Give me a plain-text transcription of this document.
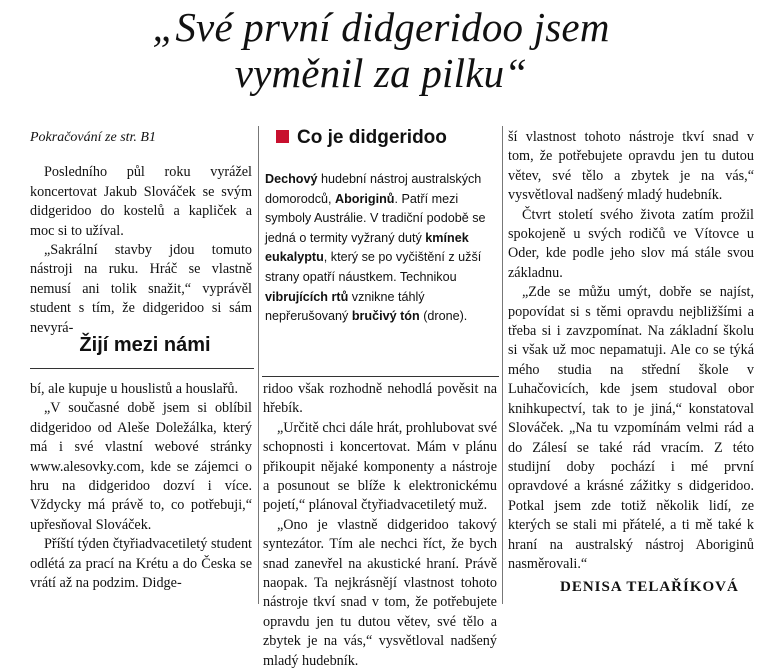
„Své první didgeridoo jsem
vyměnil za pilku“

Pokračování ze str. B1

Posledního půl roku vyrážel koncertovat Jakub Slováček se svým didgeridoo do kostelů a kapliček a moc si to užíval.

„Sakrální stavby jdou tomuto nástroji na ruku. Hráč se vlastně nemusí ani tolik snažit,“ vyprávěl student s tím, že didgeridoo si sám nevyrá-

Žijí mezi námi

bí, ale kupuje u houslistů a houslařů.

„V současné době jsem si oblíbil didgeridoo od Aleše Doležálka, který má i své vlastní webové stránky www.alesovky.com, kde se zájemci o hru na didgeridoo dozví i více. Vždycky má právě to, co potřebuji,“ upřesňoval Slováček.

Příští týden čtyřiadvacetiletý student odlétá za prací na Krétu a do Česka se vrátí až na podzim. Didge-

Co je didgeridoo
Dechový hudební nástroj australských domorodců, Aboriginů. Patří mezi symboly Austrálie. V tradiční podobě se jedná o termity vyžraný dutý kmínek eukalyptu, který se po vyčištění z užší strany opatří náustkem. Technikou vibrujících rtů vznikne táhlý nepřerušovaný bručivý tón (drone).

ridoo však rozhodně nehodlá pověsit na hřebík.

„Určitě chci dále hrát, prohlubovat své schopnosti i koncertovat. Mám v plánu přikoupit nějaké komponenty a nástroje a posunout se blíže k elektronickému pojetí,“ plánoval čtyřiadvacetiletý muž.

„Ono je vlastně didgeridoo takový syntezátor. Tím ale nechci říct, že bych snad zanevřel na akustické hraní. Právě naopak. Ta nejkrásnějí vlastnost tohoto nástroje tkví snad v tom, že potřebujete opravdu jen tu dutou větev, své tělo a zbytek je na vás,“ vysvětloval nadšený mladý hudebník.

ší vlastnost tohoto nástroje tkví snad v tom, že potřebujete opravdu jen tu dutou větev, své tělo a zbytek je na vás,“ vysvětloval nadšený mladý hudebník.

Čtvrt století svého života zatím prožil spokojeně u svých rodičů ve Vítovce u Oder, kde podle jeho slov má stále svou základnu.

„Zde se můžu umýt, dobře se najíst, popovídat si s těmi opravdu nejbližšími a třeba si i zavzpomínat. Na základní školu si však už moc nepamatuji. Ale co se týká mého studia na střední škole v Luhačovicích, kde jsem studoval obor knihkupectví, tak to je jiná,“ konstatoval Slováček. „Na tu vzpomínám velmi rád a do Zálesí se také rád vracím. Z této studijní doby pochází i mé první opravdové a krásné zážitky s didgeridoo. Potkal jsem zde totiž několik lidí, ze kterých se stali mi přátelé, a ti mě také k hraní na australský nástroj Aboriginů nasměrovali.“

DENISA TELAŘÍKOVÁ
